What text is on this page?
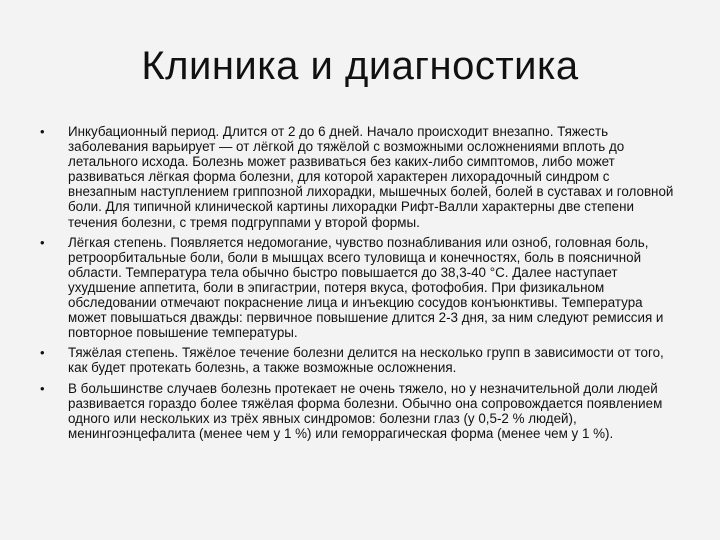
Клиника и диагностика
• Инкубационный период. Длится от 2 до 6 дней. Начало происходит внезапно. Тяжесть заболевания варьирует — от лёгкой до тяжёлой с возможными осложнениями вплоть до летального исхода. Болезнь может развиваться без каких-либо симптомов, либо может развиваться лёгкая форма болезни, для которой характерен лихорадочный синдром с внезапным наступлением гриппозной лихорадки, мышечных болей, болей в суставах и головной боли. Для типичной клинической картины лихорадки Рифт-Валли характерны две степени течения болезни, с тремя подгруппами у второй формы.
• Лёгкая степень. Появляется недомогание, чувство познабливания или озноб, головная боль, ретроорбитальные боли, боли в мышцах всего туловища и конечностях, боль в поясничной области. Температура тела обычно быстро повышается до 38,3-40 °C. Далее наступает ухудшение аппетита, боли в эпигастрии, потеря вкуса, фотофобия. При физикальном обследовании отмечают покраснение лица и инъекцию сосудов конъюнктивы. Температура может повышаться дважды: первичное повышение длится 2-3 дня, за ним следуют ремиссия и повторное повышение температуры.
• Тяжёлая степень. Тяжёлое течение болезни делится на несколько групп в зависимости от того, как будет протекать болезнь, а также возможные осложнения.
• В большинстве случаев болезнь протекает не очень тяжело, но у незначительной доли людей развивается гораздо более тяжёлая форма болезни. Обычно она сопровождается появлением одного или нескольких из трёх явных синдромов: болезни глаз (у 0,5-2 % людей), менингоэнцефалита (менее чем у 1 %) или геморрагическая форма (менее чем у 1 %).
